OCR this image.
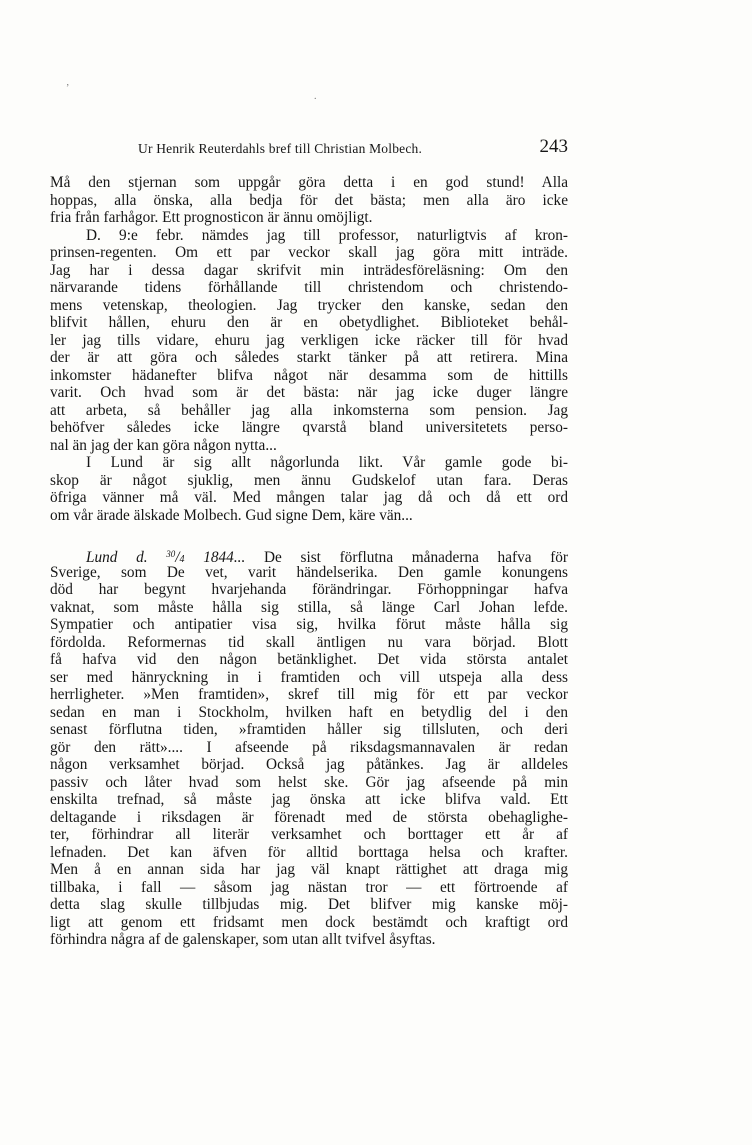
’
.
Ur Henrik Reuterdahls bref till Christian Molbech.	243
Må den stjernan som uppgår göra detta i en god stund! Alla
hoppas, alla önska, alla bedja för det bästa; men alla äro icke
fria från farhågor. Ett prognosticon är ännu omöjligt.
D. 9:e febr. nämdes jag till professor, naturligtvis af kron-
prinsen-regenten. Om ett par veckor skall jag göra mitt inträde.
Jag har i dessa dagar skrifvit min inträdesföreläsning: Om den
närvarande tidens förhållande till christendom och christendo-
mens vetenskap, theologien. Jag trycker den kanske, sedan den
blifvit hållen, ehuru den är en obetydlighet. Biblioteket behål-
ler jag tills vidare, ehuru jag verkligen icke räcker till för hvad
der är att göra och således starkt tänker på att retirera. Mina
inkomster hädanefter blifva något när desamma som de hittills
varit. Och hvad som är det bästa: när jag icke duger längre
att arbeta, så behåller jag alla inkomsterna som pension. Jag
behöfver således icke längre qvarstå bland universitetets perso-
nal än jag der kan göra någon nytta...
I Lund är sig allt någorlunda likt. Vår gamle gode bi-
skop är något sjuklig, men ännu Gudskelof utan fara. Deras
öfriga vänner må väl. Med mången talar jag då och då ett ord
om vår ärade älskade Molbech. Gud signe Dem, käre vän...
Lund d. $^{30}$/4 1844... De sist förflutna månaderna hafva för
Sverige, som De vet, varit händelserika. Den gamle konungens
död har begynt hvarjehanda förändringar. Förhoppningar hafva
vaknat, som måste hålla sig stilla, så länge Carl Johan lefde.
Sympatier och antipatier visa sig, hvilka förut måste hålla sig
fördolda. Reformernas tid skall äntligen nu vara börjad. Blott
få hafva vid den någon betänklighet. Det vida största antalet
ser med hänryckning in i framtiden och vill utspeja alla dess
herrligheter. »Men framtiden», skref till mig för ett par veckor
sedan en man i Stockholm, hvilken haft en betydlig del i den
senast förflutna tiden, »framtiden håller sig tillsluten, och deri
gör den rätt».... I afseende på riksdagsmannavalen är redan
någon verksamhet börjad. Också jag påtänkes. Jag är alldeles
passiv och låter hvad som helst ske. Gör jag afseende på min
enskilta trefnad, så måste jag önska att icke blifva vald. Ett
deltagande i riksdagen är förenadt med de största obehaglighe-
ter, förhindrar all literär verksamhet och borttager ett år af
lefnaden. Det kan äfven för alltid borttaga helsa och krafter.
Men å en annan sida har jag väl knapt rättighet att draga mig
tillbaka, i fall — såsom jag nästan tror — ett förtroende af
detta slag skulle tillbjudas mig. Det blifver mig kanske möj-
ligt att genom ett fridsamt men dock bestämdt och kraftigt ord
förhindra några af de galenskaper, som utan allt tvifvel åsyftas.
